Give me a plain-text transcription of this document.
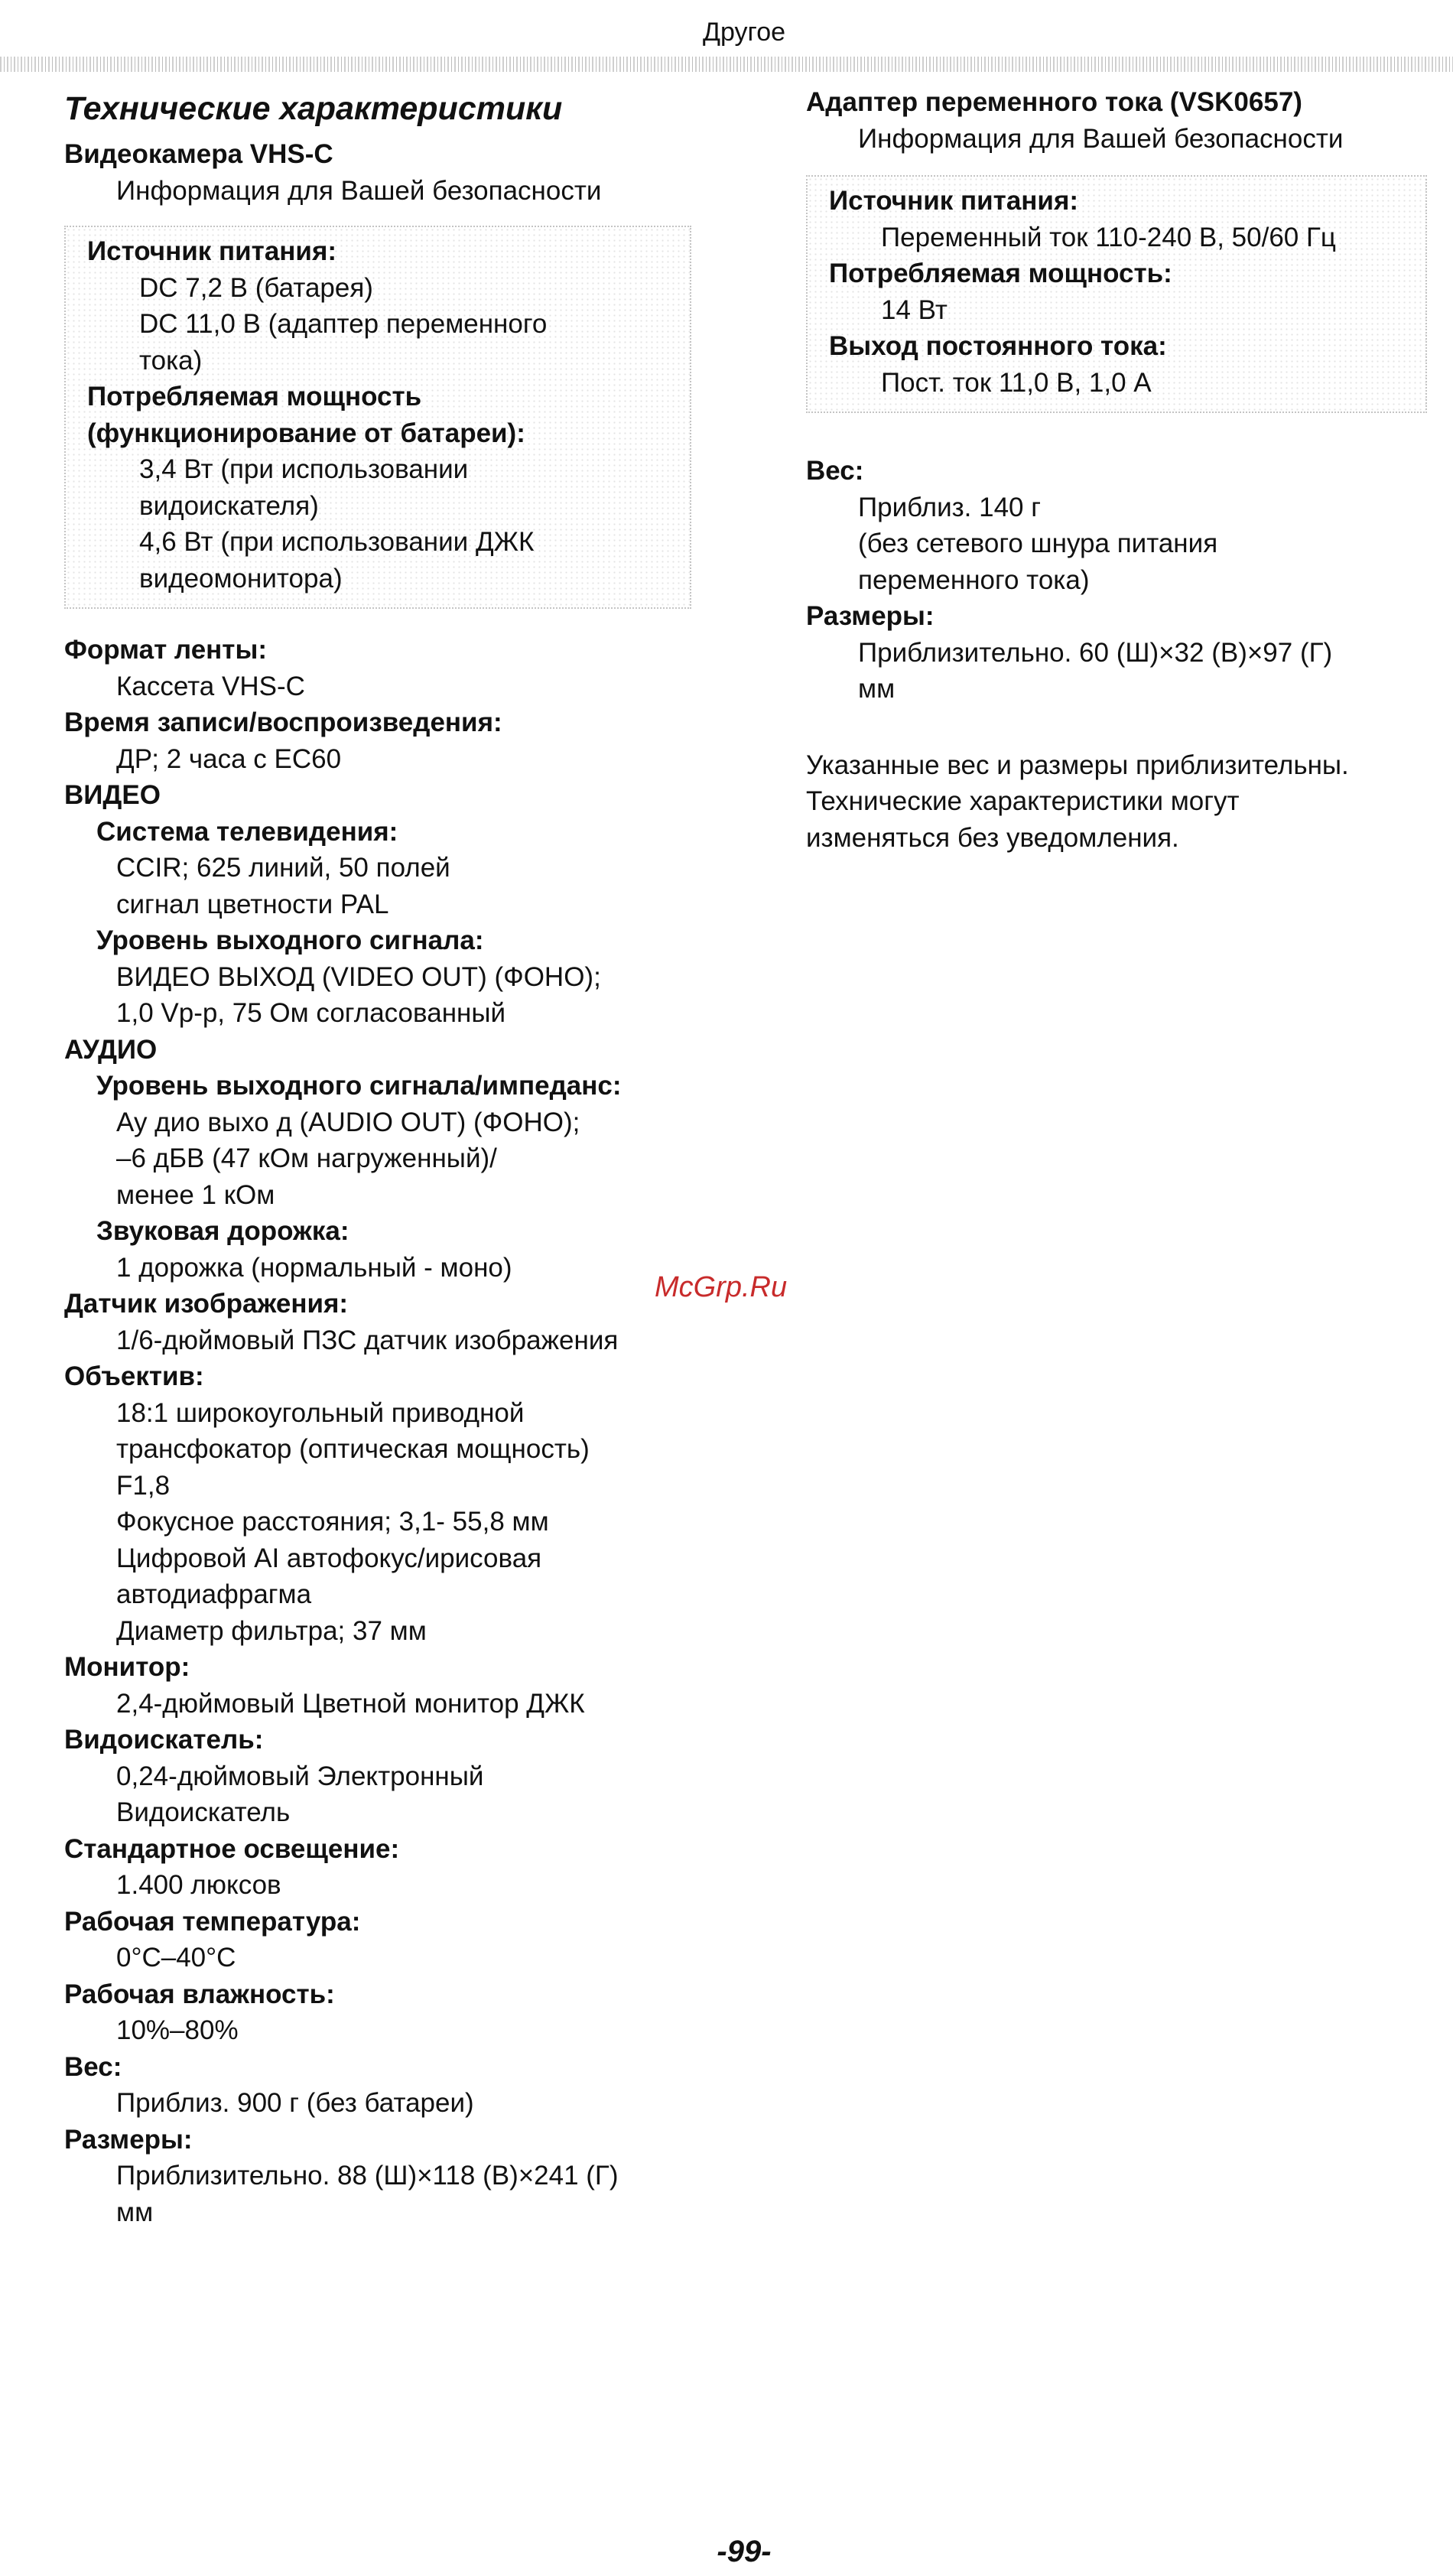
Другое
Технические характеристики
Видеокамера VHS-C
Информация для Вашей безопасности
Источник питания:
DC 7,2 В (батарея)
DC 11,0 В (адаптер переменного
тока)
Потребляемая мощность
(функционирование от батареи):
3,4 Вт (при использовании
видоискателя)
4,6 Вт (при использовании ДЖК
видеомонитора)
Формат ленты:
Кассета VHS-C
Время записи/воспроизведения:
ДР; 2 часа с ЕС60
ВИДЕО
Система телевидения:
CCIR; 625 линий, 50 полей
сигнал цветности PAL
Уровень выходного сигнала:
ВИДЕО ВЫХОД (VIDEO OUT) (ФОНО);
1,0 Vp-p, 75 Ом согласованный
АУДИО
Уровень выходного сигнала/импеданс:
Ау дио выхо д (AUDIO OUT) (ФОНО);
–6 дБВ (47 кОм нагруженный)/
менее 1 кОм
Звуковая дорожка:
1 дорожка (нормальный - моно)
Датчик изображения:
1/6-дюймовый ПЗС датчик изображения
Объектив:
18:1 широкоугольный приводной
трансфокатор (оптическая мощность)
F1,8
Фокусное расстояния; 3,1- 55,8 мм
Цифровой AI автофокус/ирисовая
автодиафрагма
Диаметр фильтра; 37 мм
Монитор:
2,4-дюймовый Цветной монитор ДЖК
Видоискатель:
0,24-дюймовый Электронный
Видоискатель
Стандартное освещение:
1.400 люксов
Рабочая температура:
0°C–40°C
Рабочая влажность:
10%–80%
Вес:
Приблиз. 900 г (без батареи)
Размеры:
Приблизительно. 88 (Ш)×118 (В)×241 (Г)
мм
Адаптер переменного тока (VSK0657)
Информация для Вашей безопасности
Источник питания:
Переменный ток 110-240 В, 50/60 Гц
Потребляемая мощность:
14 Вт
Выход постоянного тока:
Пост. ток 11,0 В, 1,0 А
Вес:
Приблиз. 140 г
(без сетевого шнура питания
переменного тока)
Размеры:
Приблизительно. 60 (Ш)×32 (В)×97 (Г)
мм
Указанные вес и размеры приблизительны.
Технические характеристики могут
изменяться без уведомления.
McGrp.Ru
-99-
